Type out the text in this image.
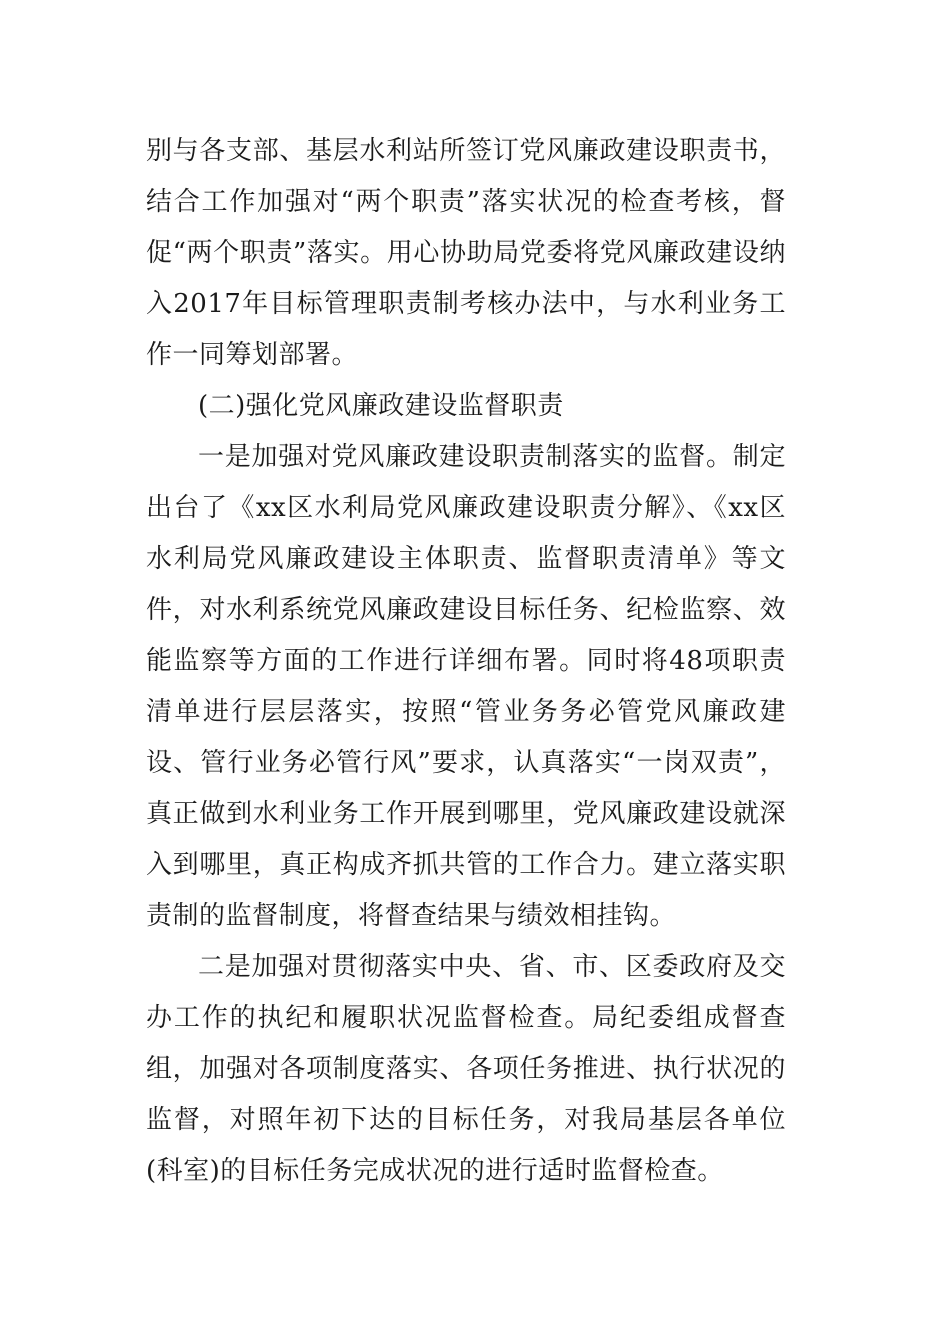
别与各支部、基层水利站所签订党风廉政建设职责书，结合工作加强对“两个职责”落实状况的检查考核，督促“两个职责”落实。用心协助局党委将党风廉政建设纳入2017年目标管理职责制考核办法中，与水利业务工作一同筹划部署。

(二)强化党风廉政建设监督职责

一是加强对党风廉政建设职责制落实的监督。制定出台了《xx区水利局党风廉政建设职责分解》、《xx区水利局党风廉政建设主体职责、监督职责清单》等文件，对水利系统党风廉政建设目标任务、纪检监察、效能监察等方面的工作进行详细布署。同时将48项职责清单进行层层落实，按照“管业务务必管党风廉政建设、管行业务必管行风”要求，认真落实“一岗双责”，真正做到水利业务工作开展到哪里，党风廉政建设就深入到哪里，真正构成齐抓共管的工作合力。建立落实职责制的监督制度，将督查结果与绩效相挂钩。

二是加强对贯彻落实中央、省、市、区委政府及交办工作的执纪和履职状况监督检查。局纪委组成督查组，加强对各项制度落实、各项任务推进、执行状况的监督，对照年初下达的目标任务，对我局基层各单位(科室)的目标任务完成状况的进行适时监督检查。
